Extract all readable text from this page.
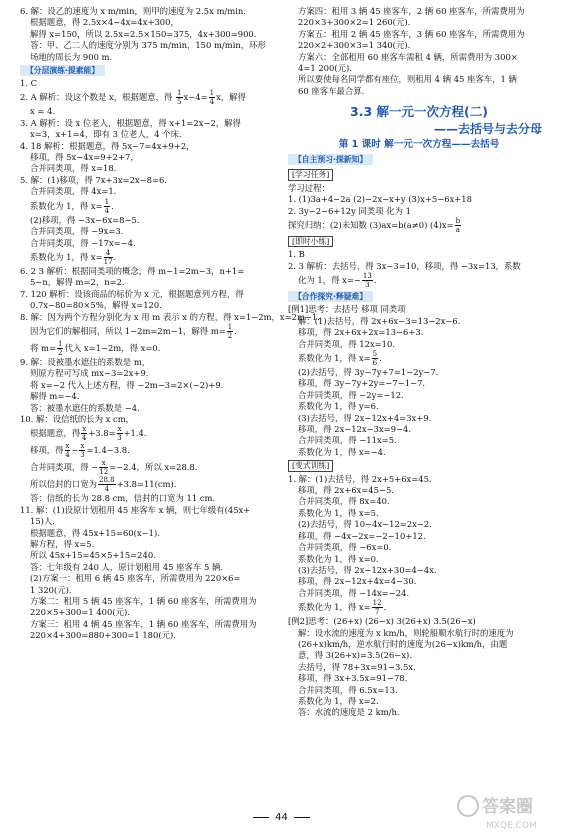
6. 解：设乙的速度为 x m/min，则甲的速度为 2.5x m/min.
根据题意，得 2.5x×4−4x=4x+300，
解得 x=150，所以 2.5x=2.5×150=375，4x+300=900.
答：甲、乙二人的速度分别为 375 m/min，150 m/min，环形
场地的周长为 900 m.
【分层演练·提素能】
1. C
2. A 解析：设这个数是 x，根据题意，得 $\frac{1}{5} x-4= \frac{1}{4}$ x，解得
x = 4.
3. A 解析：设 x 位老人，根据题意，得 x+1=2x−2，解得
x=3，x+1=4，即有 3 位老人，4 个床.
4. 18 解析：根据题意，得 5x−7=4x+9+2，
移项，得 5x−4x=9+2+7，
合并同类项，得 x=18.
5. 解：(1)移项，得 7x+3x=2x−8=6.
合并同类项，得 4x=1.
系数化为 1，得 $x= \frac{1}{4}$ .
(2)移项，得 −3x−6x=8−5.
合并同类项，得 −9x=3.
合并同类项，得 −17x=−4.
系数化为 1，得 $x= \frac{4}{17}$ .
6. 2 3 解析：根据同类项的概念，得 m−1=2m−3，n+1=
5−n，解得 m=2，n=2.
7. 120 解析：设该商品的标价为 x 元，根据题意列方程，得
0.7x−80=80×5%，解得 x=120.
8. 解：因为两个方程分别化为 x 用 m 表示 x 的方程，得 x=1−2m，x=2m−1.
因为它们的解相同，所以 1−2m=2m−1，解得 $m= \frac{1}{2}$ .
将 $m= \frac{1}{2}$ 代入 x=1−2m，得 x=0.
9. 解：设被墨水遮住的系数是 m，
则原方程可写成 mx−3=2x+9.
将 x=−2 代入上述方程，得 −2m−3=2×(−2)+9.
解得 m=−4.
答：被墨水遮住的系数是 −4.
10. 解：设信纸的长为 x cm，
根据题意，得 $\frac{x}{4} +3.8= \frac{x}{3} +1.4$.
移项，得 $\frac{x}{4} - \frac{x}{3} =1.4-3.8$.
合并同类项，得 − $\frac{x}{12} =-2.4$，所以 x=28.8.
所以信封的口宽为 $\frac{28.8}{4} +3.8=11(cm)$.
答：信纸的长为 28.8 cm，信封的口宽为 11 cm.
11. 解：(1)设原计划租用 45 座客车 x 辆，则七年级有(45x+
15)人.
根据题意，得 45x+15=60(x−1).
解方程，得 x=5.
所以 45x+15=45×5+15=240.
答：七年级有 240 人，原计划租用 45 座客车 5 辆.
(2)方案一：租用 6 辆 45 座客车，所需费用为 220×6=
1 320(元).
方案二：租用 5 辆 45 座客车，1 辆 60 座客车，所需费用为
220×5+300=1 400(元).
方案三：租用 4 辆 45 座客车，1 辆 60 座客车，所需费用为
220×4+300=880+300=1 180(元).
方案四：租用 3 辆 45 座客车，2 辆 60 座客车，所需费用为
220×3+300×2=1 260(元).
方案五：租用 2 辆 45 座客车，3 辆 60 座客车，所需费用为
220×2+300×3=1 340(元).
方案六：全部租用 60 座客车需租 4 辆，所需费用为 300×
4=1 200(元).
所以要使每名同学都有座位，则租用 4 辆 45 座客车，1 辆
60 座客车最合算.
3.3 解一元一次方程(二)
——去括号与去分母
第 1 课时 解一元一次方程——去括号
【自主预习·探新知】
[学习任务]
学习过程：
1. (1)3a+4−2a (2)−2x−x+y (3)x+5−6x+18
2. 3y−2−6+12y 同类项 化为 1
探究归纳：(2)未知数 (3)ax=b(a≠0) $(4)x= \frac{b}{a}$
[即时小练]
1. B
2. 3 解析：去括号，得 3x−3=10，移项，得 −3x=13，系数
化为 1，得 $x=- \frac{13}{3}$ .
【合作探究·释疑难】
[例1]思考：去括号 移项 同类项
解：(1)去括号，得 2x+6x−3=13−2x−6.
移项，得 2x+6x+2x=13−6+3.
合并同类项，得 12x=10.
系数化为 1，得 $x= \frac{5}{6}$ .
(2)去括号，得 3y−7y+7=1−2y−7.
移项，得 3y−7y+2y=−7−1−7.
合并同类项，得 −2y=−12.
系数化为 1，得 y=6.
(3)去括号，得 2x−12x+4=3x+9.
移项，得 2x−12x−3x=9−4.
合并同类项，得 −11x=5.
系数化为 1，得 x=−4.
[变式训练]
1. 解：(1)去括号，得 2x+5+6x=45.
移项，得 2x+6x=45−5.
合并同类项，得 8x=40.
系数化为 1，得 x=5.
(2)去括号，得 10−4x−12=2x−2.
移项，得 −4x−2x=−2−10+12.
合并同类项，得 −6x=0.
系数化为 1，得 x=0.
(3)去括号，得 2x−12x+30=4−4x.
移项，得 2x−12x+4x=4−30.
合并同类项，得 −14x=−24.
系数化为 1，得 $x= \frac{12}{7}$ .
[例2]思考：(26+x) (26−x) 3(26+x) 3.5(26−x)
解：设水流的速度为 x km/h，则轮船顺水航行时的速度为
(26+x)km/h，逆水航行时的速度为(26−x)km/h，由题
意，得 3(26+x)=3.5(26−x).
去括号，得 78+3x=91−3.5x.
移项，得 3x+3.5x=91−78.
合并同类项，得 6.5x=13.
系数化为 1，得 x=2.
答：水流的速度是 2 km/h.
44
答案圈
MXQE.COM
